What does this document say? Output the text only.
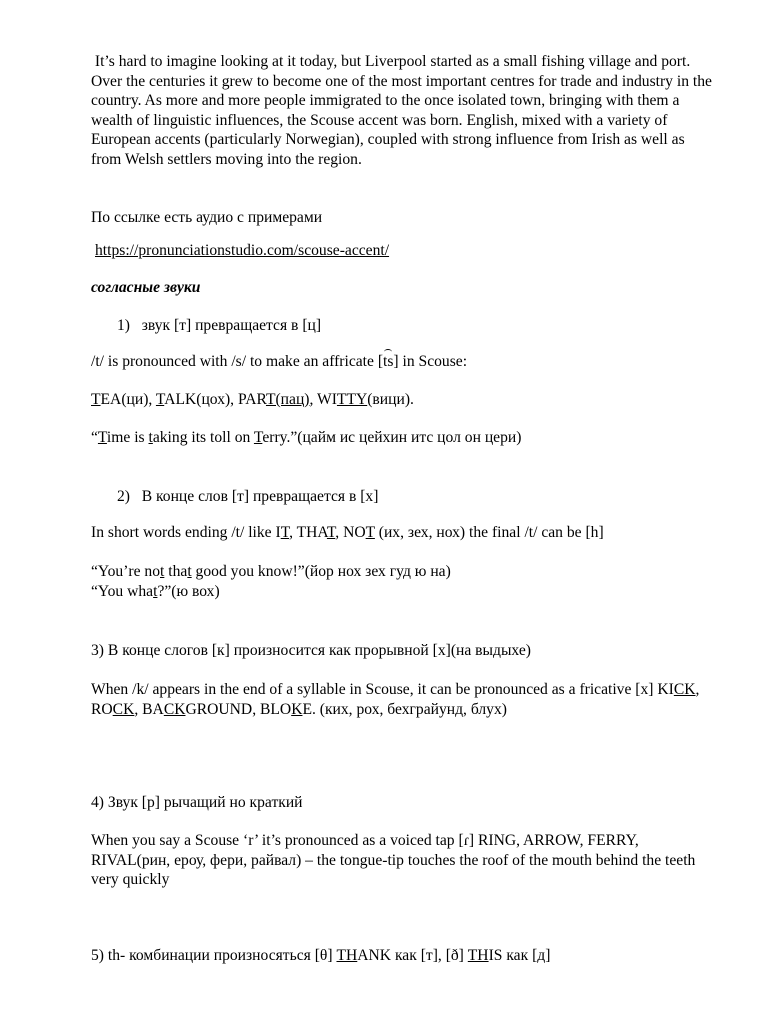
It’s hard to imagine looking at it today, but Liverpool started as a small fishing village and port. Over the centuries it grew to become one of the most important centres for trade and industry in the country. As more and more people immigrated to the once isolated town, bringing with them a wealth of linguistic influences, the Scouse accent was born. English, mixed with a variety of European accents (particularly Norwegian), coupled with strong influence from Irish as well as from Welsh settlers moving into the region.

По ссылке есть аудио с примерами

https://pronunciationstudio.com/scouse-accent/

согласные звуки

1) звук [т] превращается в [ц]

/t/ is pronounced with /s/ to make an affricate [ts] in Scouse:

TEA(ци), TALK(цох), PART(пац), WITTY(вици).

“Time is taking its toll on Terry.”(цайм ис цейхин итс цол он цери)

2) В конце слов [т] превращается в [х]

In short words ending /t/ like IT, THAT, NOT (их, зех, нох) the final /t/ can be [h]

“You’re not that good you know!”(йор нох зех гуд ю на)

“You what?”(ю вох)

3) В конце слогов [к] произносится как прорывной [х](на выдыхе)

When /k/ appears in the end of a syllable in Scouse, it can be pronounced as a fricative [x] KICK, ROCK, BACKGROUND, BLOKE. (ких, рох, бехграйунд, блух)

4) Звук [р] рычащий но краткий

When you say a Scouse ‘r’ it’s pronounced as a voiced tap [ɾ] RING, ARROW, FERRY, RIVAL(рин, ероу, фери, райвал) – the tongue-tip touches the roof of the mouth behind the teeth very quickly

5) th- комбинации произносяться [θ] THANK как [т], [ð] THIS как [д]
